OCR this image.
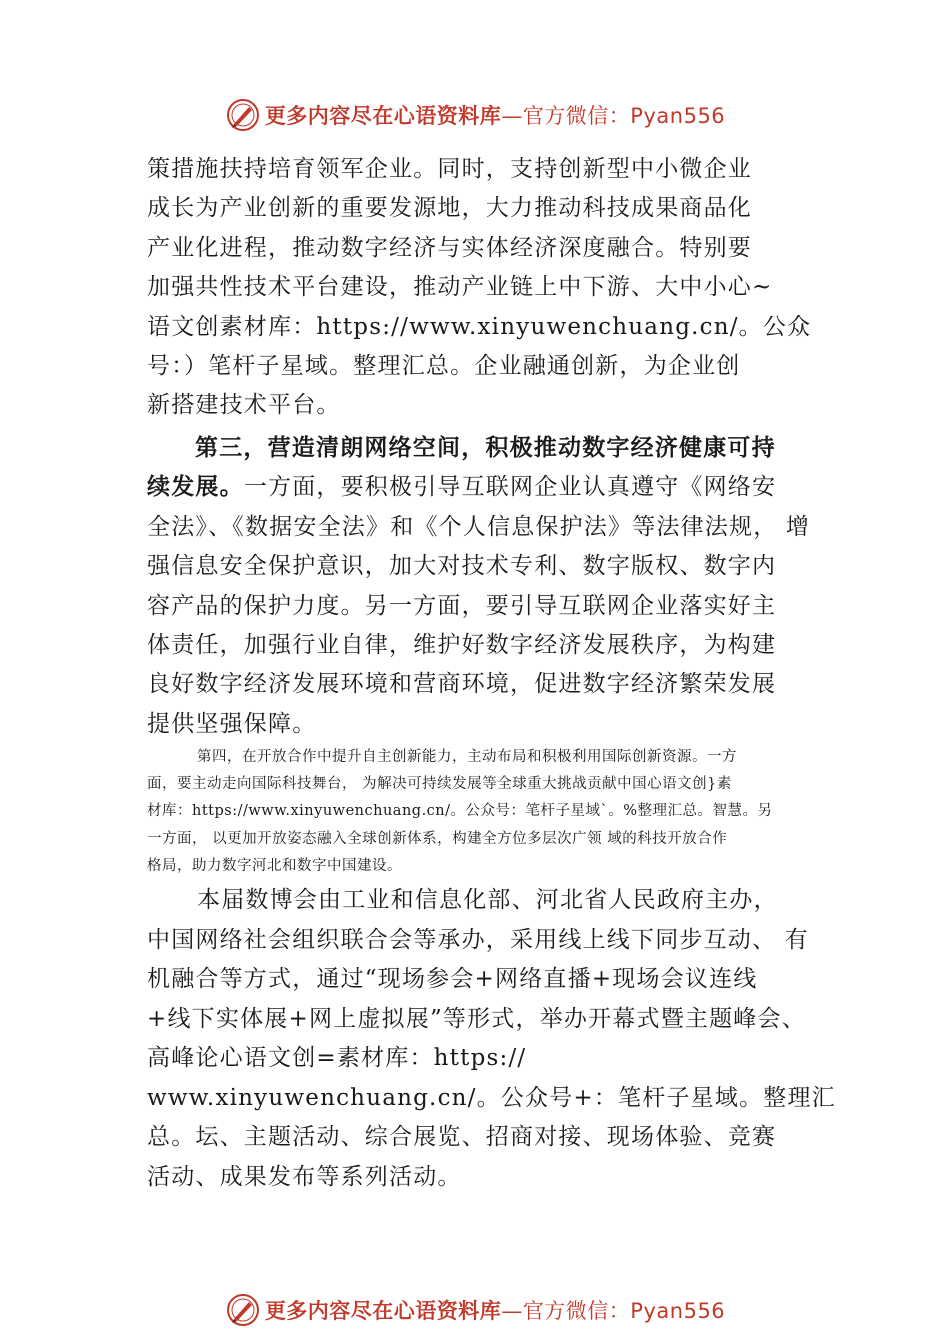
更多内容尽在心语资料库—官方微信：Pyan556
策措施扶持培育领军企业。同时，支持创新型中小微企业
成长为产业创新的重要发源地，大力推动科技成果商品化
产业化进程，推动数字经济与实体经济深度融合。特别要
加强共性技术平台建设，推动产业链上中下游、大中小心~
语文创素材库：https://www.xinyuwenchuang.cn/。公众
号：）笔杆子星域。整理汇总。企业融通创新，为企业创
新搭建技术平台。
第三，营造清朗网络空间，积极推动数字经济健康可持
续发展。一方面，要积极引导互联网企业认真遵守《网络安
全法》、《数据安全法》和《个人信息保护法》等法律法规， 增
强信息安全保护意识，加大对技术专利、数字版权、数字内
容产品的保护力度。另一方面，要引导互联网企业落实好主
体责任，加强行业自律，维护好数字经济发展秩序，为构建
良好数字经济发展环境和营商环境，促进数字经济繁荣发展
提供坚强保障。
第四，在开放合作中提升自主创新能力，主动布局和积极利用国际创新资源。一方
面，要主动走向国际科技舞台， 为解决可持续发展等全球重大挑战贡献中国心语文创}素
材库：https://www.xinyuwenchuang.cn/。公众号：笔杆子星域`。%整理汇总。智慧。另
一方面， 以更加开放姿态融入全球创新体系，构建全方位多层次广领 域的科技开放合作
格局，助力数字河北和数字中国建设。
本届数博会由工业和信息化部、河北省人民政府主办，
中国网络社会组织联合会等承办，采用线上线下同步互动、 有
机融合等方式，通过“现场参会+网络直播+现场会议连线
+线下实体展+网上虚拟展”等形式，举办开幕式暨主题峰会、
高峰论心语文创=素材库：https://
www.xinyuwenchuang.cn/。公众号+：笔杆子星域。整理汇
总。坛、主题活动、综合展览、招商对接、现场体验、竞赛
活动、成果发布等系列活动。
更多内容尽在心语资料库—官方微信：Pyan556
